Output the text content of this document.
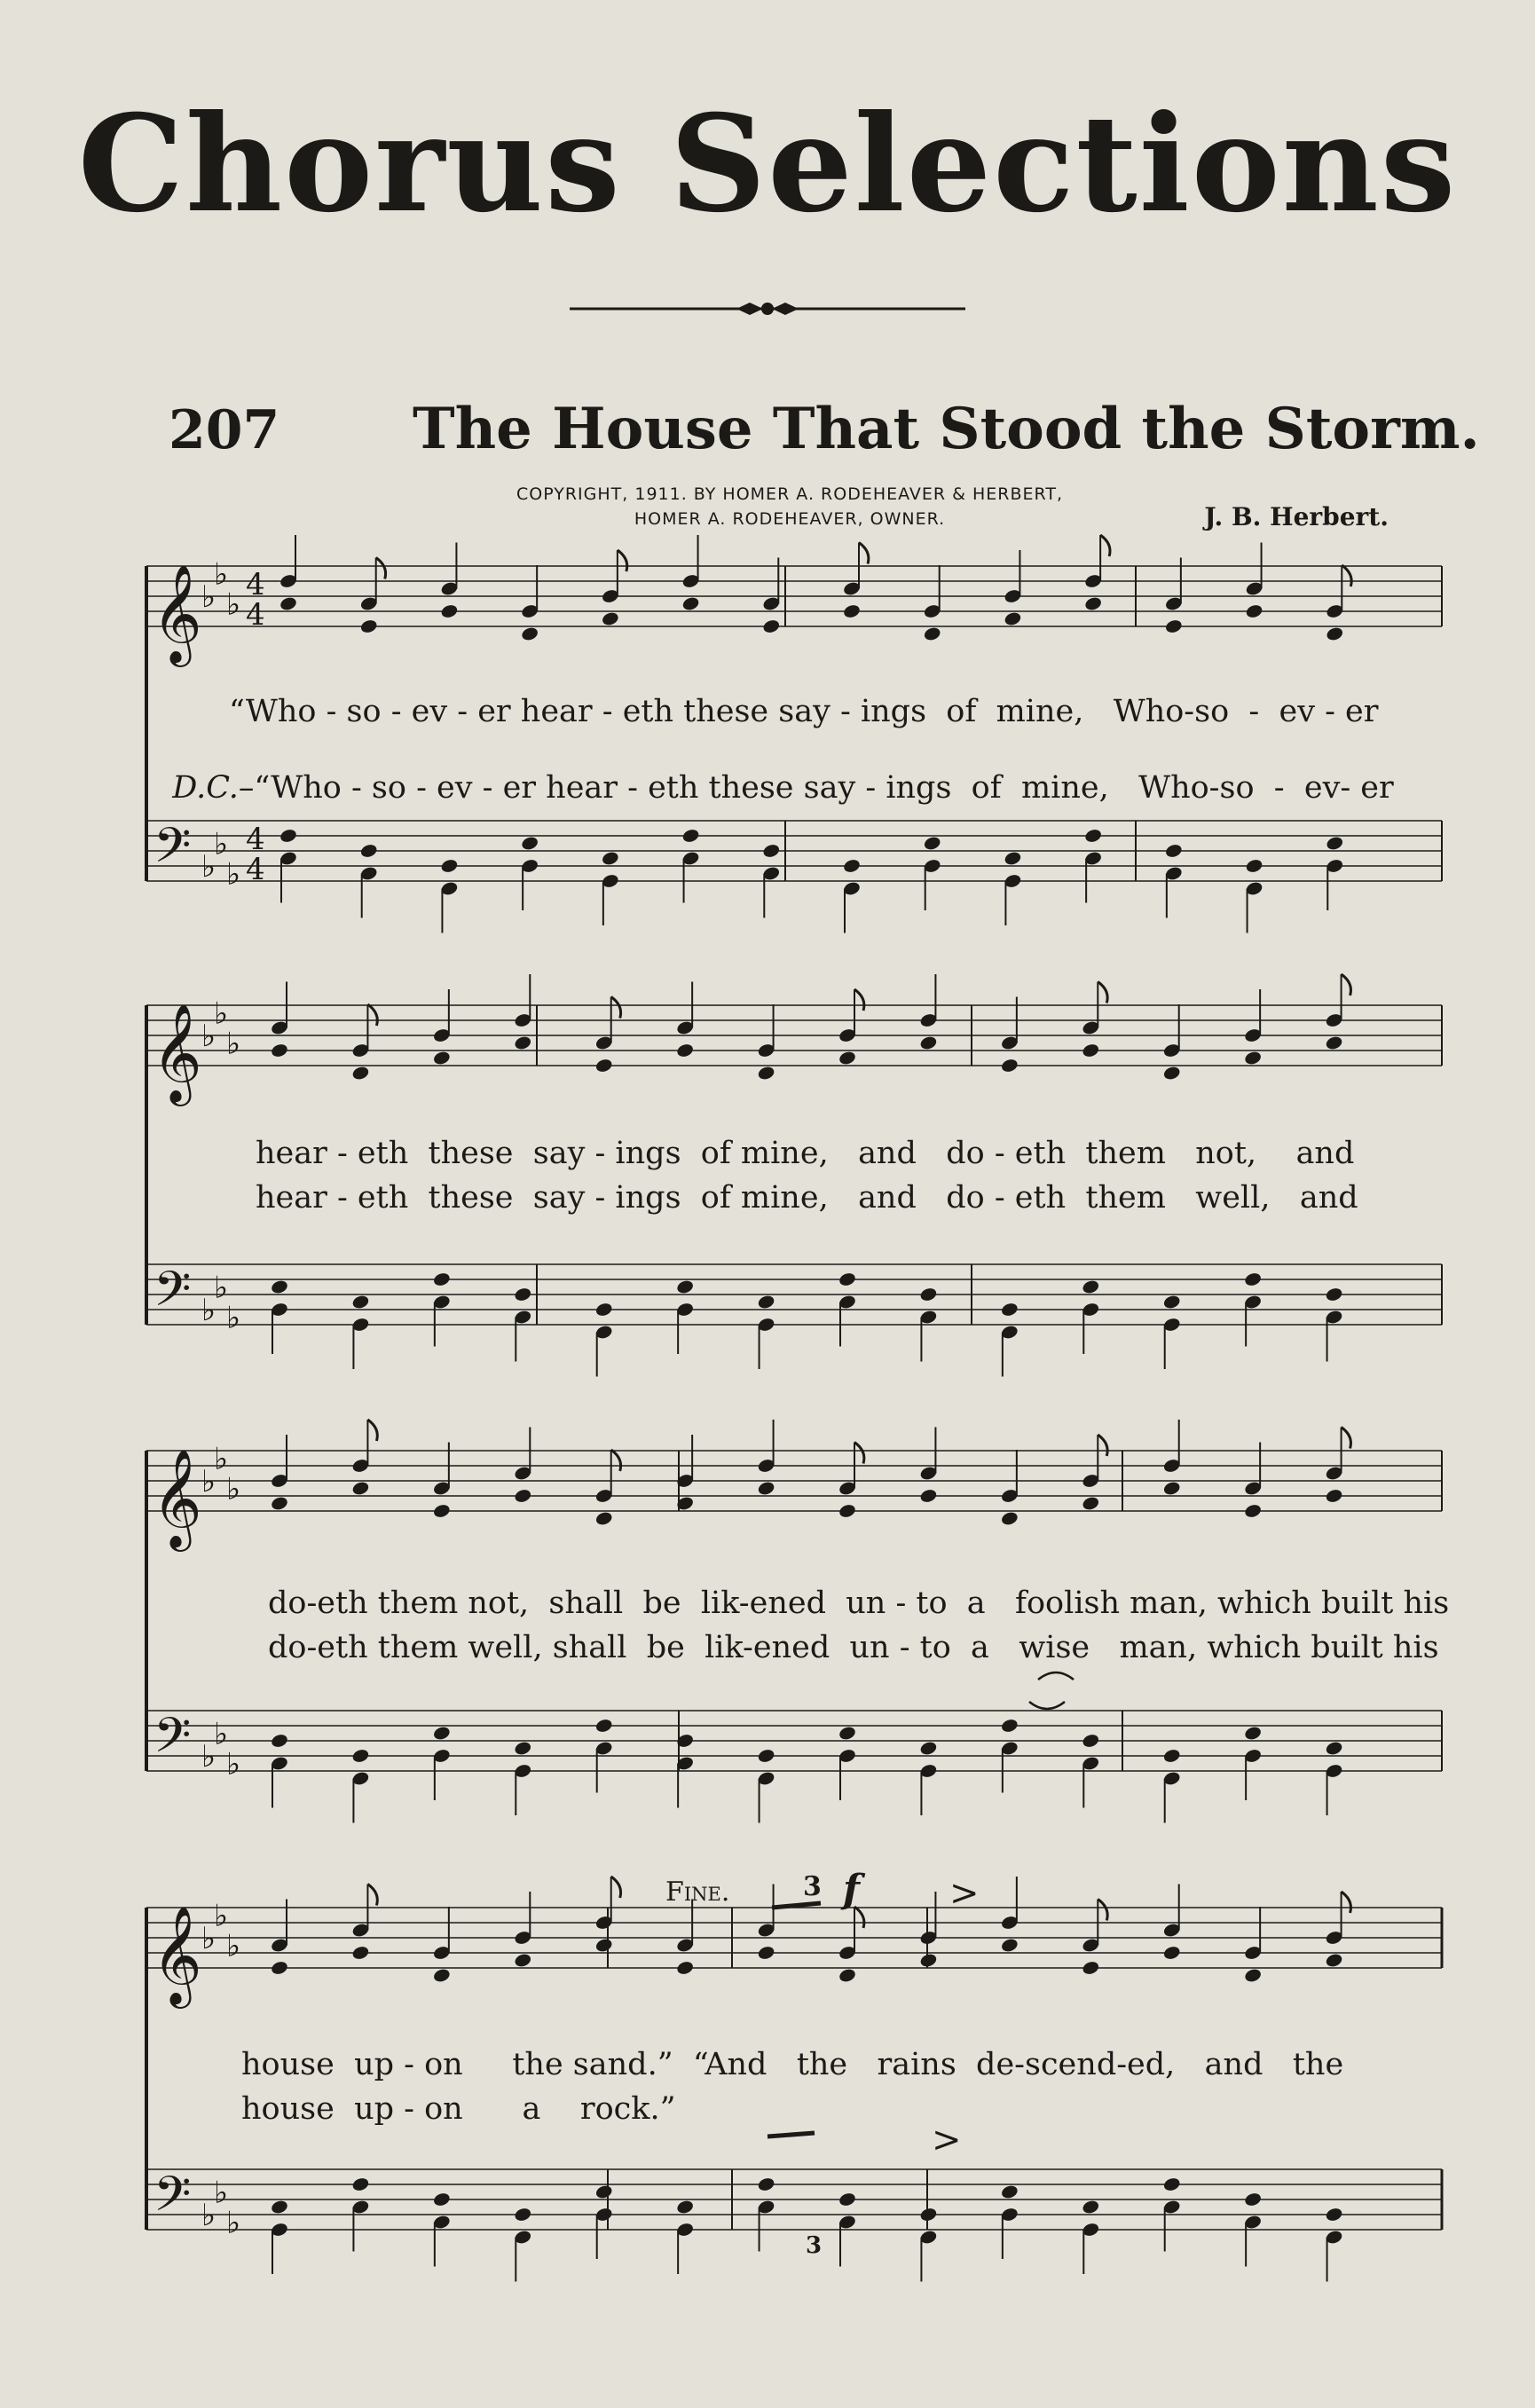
Chorus Selections
207 The House That Stood the Storm.
COPYRIGHT, 1911. BY HOMER A. RODEHEAVER & HERBERT,
HOMER A. RODEHEAVER, OWNER.	J. B. Herbert.
𝄞 ♭
♭
♭
4
4
𝄢 ♭
♭
♭
4
4
𝄞 ♭
♭
♭
𝄢 ♭
♭
♭
𝄞 ♭
♭
♭
𝄢 ♭
♭
♭
𝄞 ♭
♭
♭
𝄢 ♭
♭
♭
“Who - so - ev - er hear - eth these say - ings  of  mine,   Who-so  -  ev - er

D.C.–“Who - so - ev - er hear - eth these say - ings  of  mine,   Who-so  -  ev- er

hear - eth  these  say - ings  of mine,   and   do - eth  them   not,    and
hear - eth  these  say - ings  of mine,   and   do - eth  them   well,   and
do-eth them not,  shall  be  lik-ened  un - to  a   foolish man, which built his
do-eth them well, shall  be  lik-ened  un - to  a   wise   man, which built his
house  up - on     the sand.”  “And   the   rains  de-scend-ed,   and   the
house  up - on      a    rock.”
Fine.	3 f	>
3
>
